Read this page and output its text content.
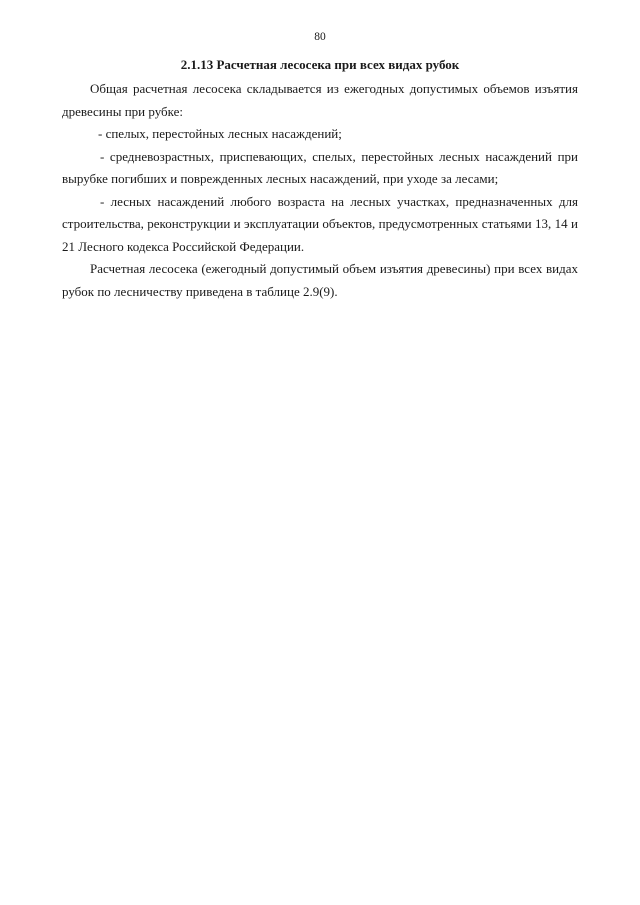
80
2.1.13 Расчетная лесосека при всех видах рубок

Общая расчетная лесосека складывается из ежегодных допустимых объемов изъятия древесины при рубке:

- спелых, перестойных лесных насаждений;

- средневозрастных, приспевающих, спелых, перестойных лесных насаждений при вырубке погибших и поврежденных лесных насаждений, при уходе за лесами;

- лесных насаждений любого возраста на лесных участках, предназначенных для строительства, реконструкции и эксплуатации объектов, предусмотренных статьями 13, 14 и 21 Лесного кодекса Российской Федерации.

Расчетная лесосека (ежегодный допустимый объем изъятия древесины) при всех видах рубок по лесничеству приведена в таблице 2.9(9).
